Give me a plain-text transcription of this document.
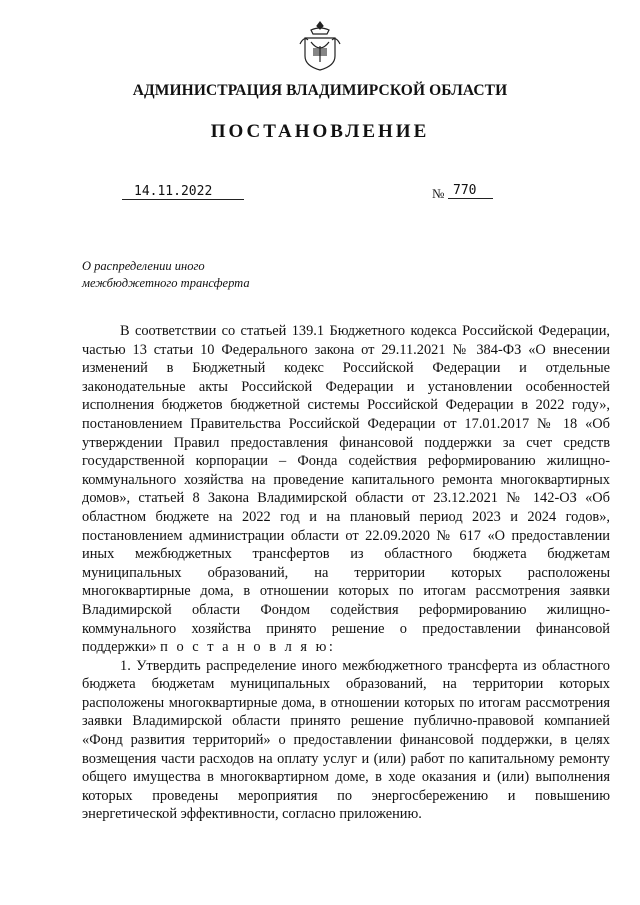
АДМИНИСТРАЦИЯ ВЛАДИМИРСКОЙ ОБЛАСТИ
ПОСТАНОВЛЕНИЕ
14.11.2022	№ 770
О распределении иного
межбюджетного трансферта

В соответствии со статьей 139.1 Бюджетного кодекса Российской Федерации, частью 13 статьи 10 Федерального закона от 29.11.2021 № 384-ФЗ «О внесении изменений в Бюджетный кодекс Российской Федерации и отдельные законодательные акты Российской Федерации и установлении особенностей исполнения бюджетов бюджетной системы Российской Федерации в 2022 году», постановлением Правительства Российской Федерации от 17.01.2017 № 18 «Об утверждении Правил предоставления финансовой поддержки за счет средств государственной корпорации – Фонда содействия реформированию жилищно-коммунального хозяйства на проведение капитального ремонта многоквартирных домов», статьей 8 Закона Владимирской области от 23.12.2021 № 142-ОЗ «Об областном бюджете на 2022 год и на плановый период 2023 и 2024 годов», постановлением администрации области от 22.09.2020 № 617 «О предоставлении иных межбюджетных трансфертов из областного бюджета бюджетам муниципальных образований, на территории которых расположены многоквартирные дома, в отношении которых по итогам рассмотрения заявки Владимирской области Фондом содействия реформированию жилищно-коммунального хозяйства принято решение о предоставлении финансовой поддержки» п о с т а н о в л я ю:

1. Утвердить распределение иного межбюджетного трансферта из областного бюджета бюджетам муниципальных образований, на территории которых расположены многоквартирные дома, в отношении которых по итогам рассмотрения заявки Владимирской области принято решение публично-правовой компанией «Фонд развития территорий» о предоставлении финансовой поддержки, в целях возмещения части расходов на оплату услуг и (или) работ по капитальному ремонту общего имущества в многоквартирном доме, в ходе оказания и (или) выполнения которых проведены мероприятия по энергосбережению и повышению энергетической эффективности, согласно приложению.
